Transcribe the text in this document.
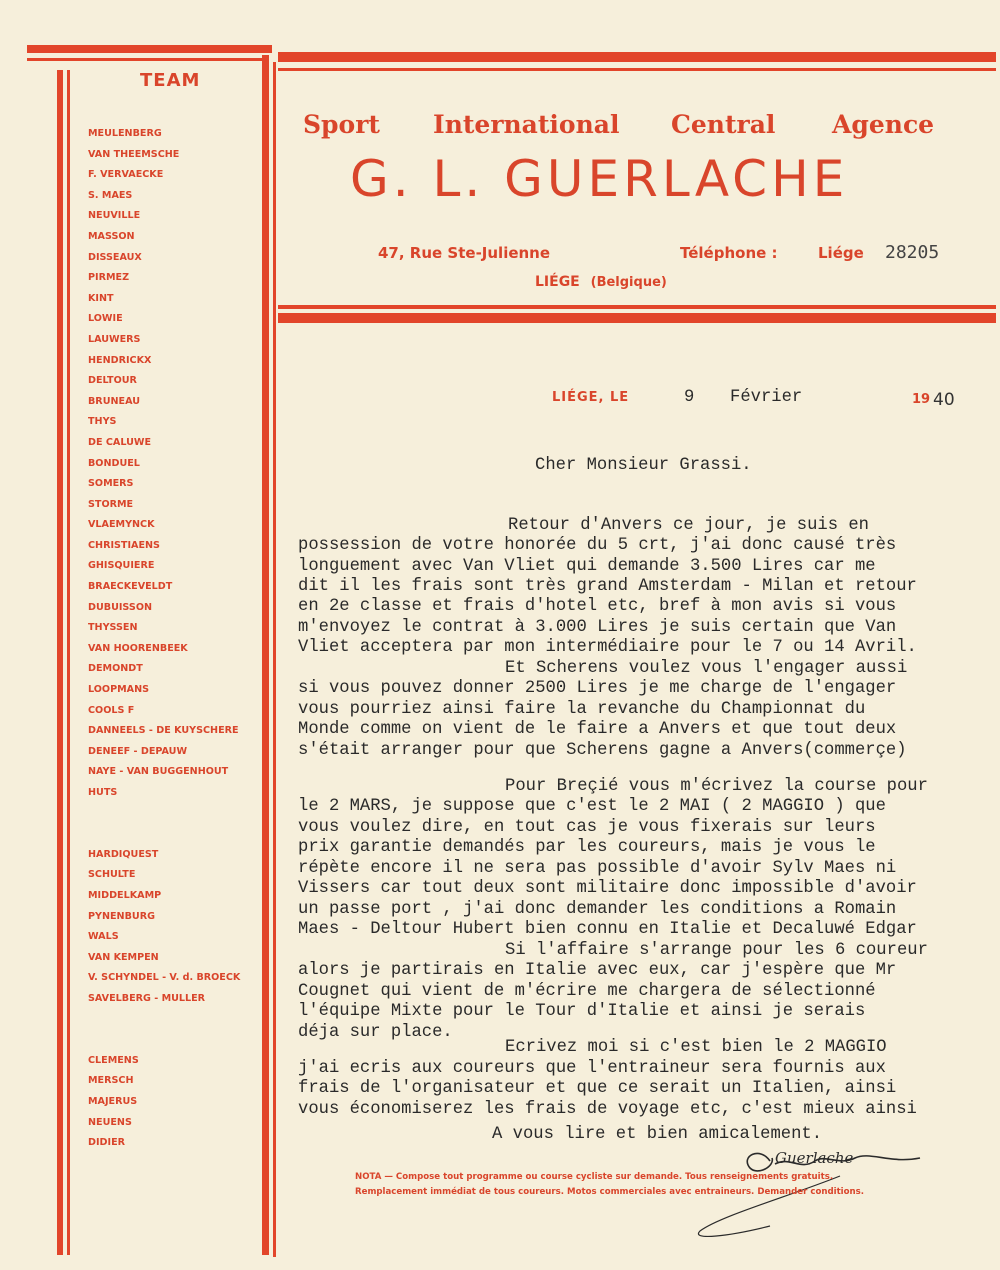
TEAM
MEULENBERG
VAN THEEMSCHE
F. VERVAECKE
S. MAES
NEUVILLE
MASSON
DISSEAUX
PIRMEZ
KINT
LOWIE
LAUWERS
HENDRICKX
DELTOUR
BRUNEAU
THYS
DE CALUWE
BONDUEL
SOMERS
STORME
VLAEMYNCK
CHRISTIAENS
GHISQUIERE
BRAECKEVELDT
DUBUISSON
THYSSEN
VAN HOORENBEEK
DEMONDT
LOOPMANS
COOLS F
DANNEELS - DE KUYSCHERE
DENEEF - DEPAUW
NAYE - VAN BUGGENHOUT
HUTS
HARDIQUEST
SCHULTE
MIDDELKAMP
PYNENBURG
WALS
VAN KEMPEN
V. SCHYNDEL - V. d. BROECK
SAVELBERG - MULLER
CLEMENS
MERSCH
MAJERUS
NEUENS
DIDIER
Sport International Central Agence
G. L. GUERLACHE
47, Rue Ste-Julienne	Téléphone :	Liége 28205
LIÉGE (Belgique)
LIÉGE, LE	9 Février	19 40
Cher Monsieur Grassi.
Retour d'Anvers ce jour, je suis en
possession de votre honorée du 5 crt, j'ai donc causé très
longuement avec Van Vliet qui demande 3.500 Lires car me
dit il les frais sont très grand Amsterdam - Milan et retour
en 2e classe et frais d'hotel etc, bref à mon avis si vous
m'envoyez le contrat à 3.000 Lires je suis certain que Van
Vliet acceptera par mon intermédiaire pour le 7 ou 14 Avril.
Et Scherens voulez vous l'engager aussi
si vous pouvez donner 2500 Lires je me charge de l'engager
vous pourriez ainsi faire la revanche du Championnat du
Monde comme on vient de le faire a Anvers et que tout deux
s'était arranger pour que Scherens gagne a Anvers(commerçe)
Pour Breçié vous m'écrivez la course pour
le 2 MARS, je suppose que c'est le 2 MAI ( 2 MAGGIO ) que
vous voulez dire, en tout cas je vous fixerais sur leurs
prix garantie demandés par les coureurs, mais je vous le
répète encore il ne sera pas possible d'avoir Sylv Maes ni
Vissers car tout deux sont militaire donc impossible d'avoir
un passe port , j'ai donc demander les conditions a Romain
Maes - Deltour Hubert bien connu en Italie et Decaluwé Edgar
Si l'affaire s'arrange pour les 6 coureur
alors je partirais en Italie avec eux, car j'espère que Mr
Cougnet qui vient de m'écrire me chargera de sélectionné
l'équipe Mixte pour le Tour d'Italie et ainsi je serais
déja sur place.
Ecrivez moi si c'est bien le 2 MAGGIO
j'ai ecris aux coureurs que l'entraineur sera fournis aux
frais de l'organisateur et que ce serait un Italien, ainsi
vous économiserez les frais de voyage etc, c'est mieux ainsi
A vous lire et bien amicalement.
Guerlache
NOTA — Compose tout programme ou course cycliste sur demande. Tous renseignements gratuits. Remplacement immédiat de tous coureurs. Motos commerciales avec entraineurs. Demander conditions.
